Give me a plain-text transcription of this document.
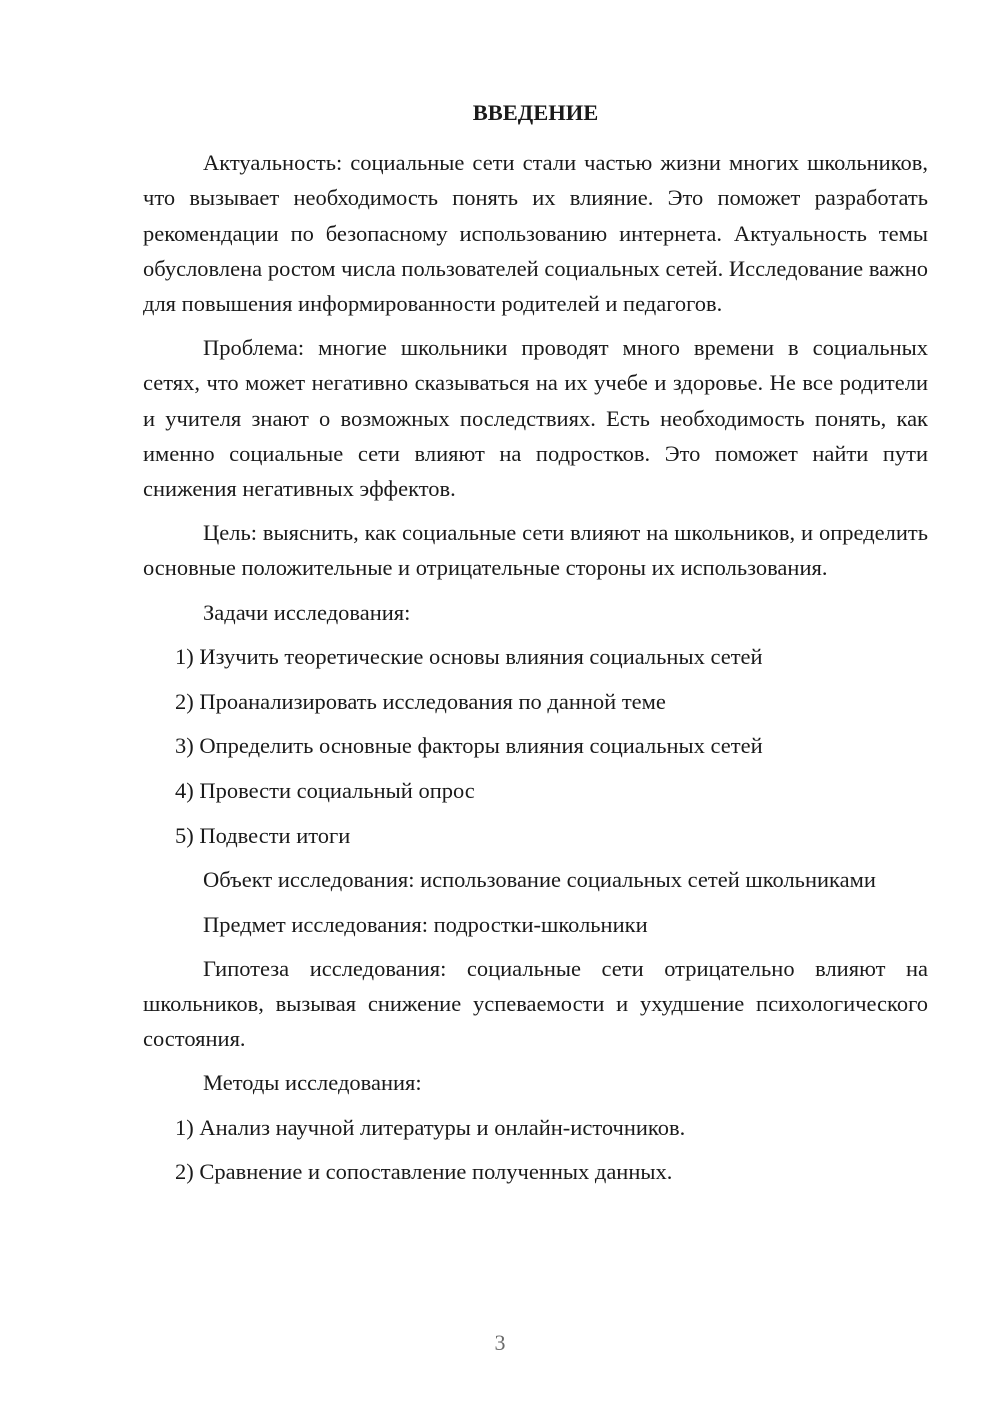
ВВЕДЕНИЕ

Актуальность: социальные сети стали частью жизни многих школьников, что вызывает необходимость понять их влияние. Это поможет разработать рекомендации по безопасному использованию интернета. Актуальность темы обусловлена ростом числа пользователей социальных сетей. Исследование важно для повышения информированности родителей и педагогов.

Проблема: многие школьники проводят много времени в социальных сетях, что может негативно сказываться на их учебе и здоровье. Не все родители и учителя знают о возможных последствиях. Есть необходимость понять, как именно социальные сети влияют на подростков. Это поможет найти пути снижения негативных эффектов.

Цель: выяснить, как социальные сети влияют на школьников, и определить основные положительные и отрицательные стороны их использования.

Задачи исследования:

1) Изучить теоретические основы влияния социальных сетей
2) Проанализировать исследования по данной теме
3) Определить основные факторы влияния социальных сетей
4) Провести социальный опрос
5) Подвести итоги

Объект исследования: использование социальных сетей школьниками

Предмет исследования: подростки-школьники

Гипотеза исследования: социальные сети отрицательно влияют на школьников, вызывая снижение успеваемости и ухудшение психологического состояния.

Методы исследования:

1) Анализ научной литературы и онлайн-источников.
2) Сравнение и сопоставление полученных данных.
3
